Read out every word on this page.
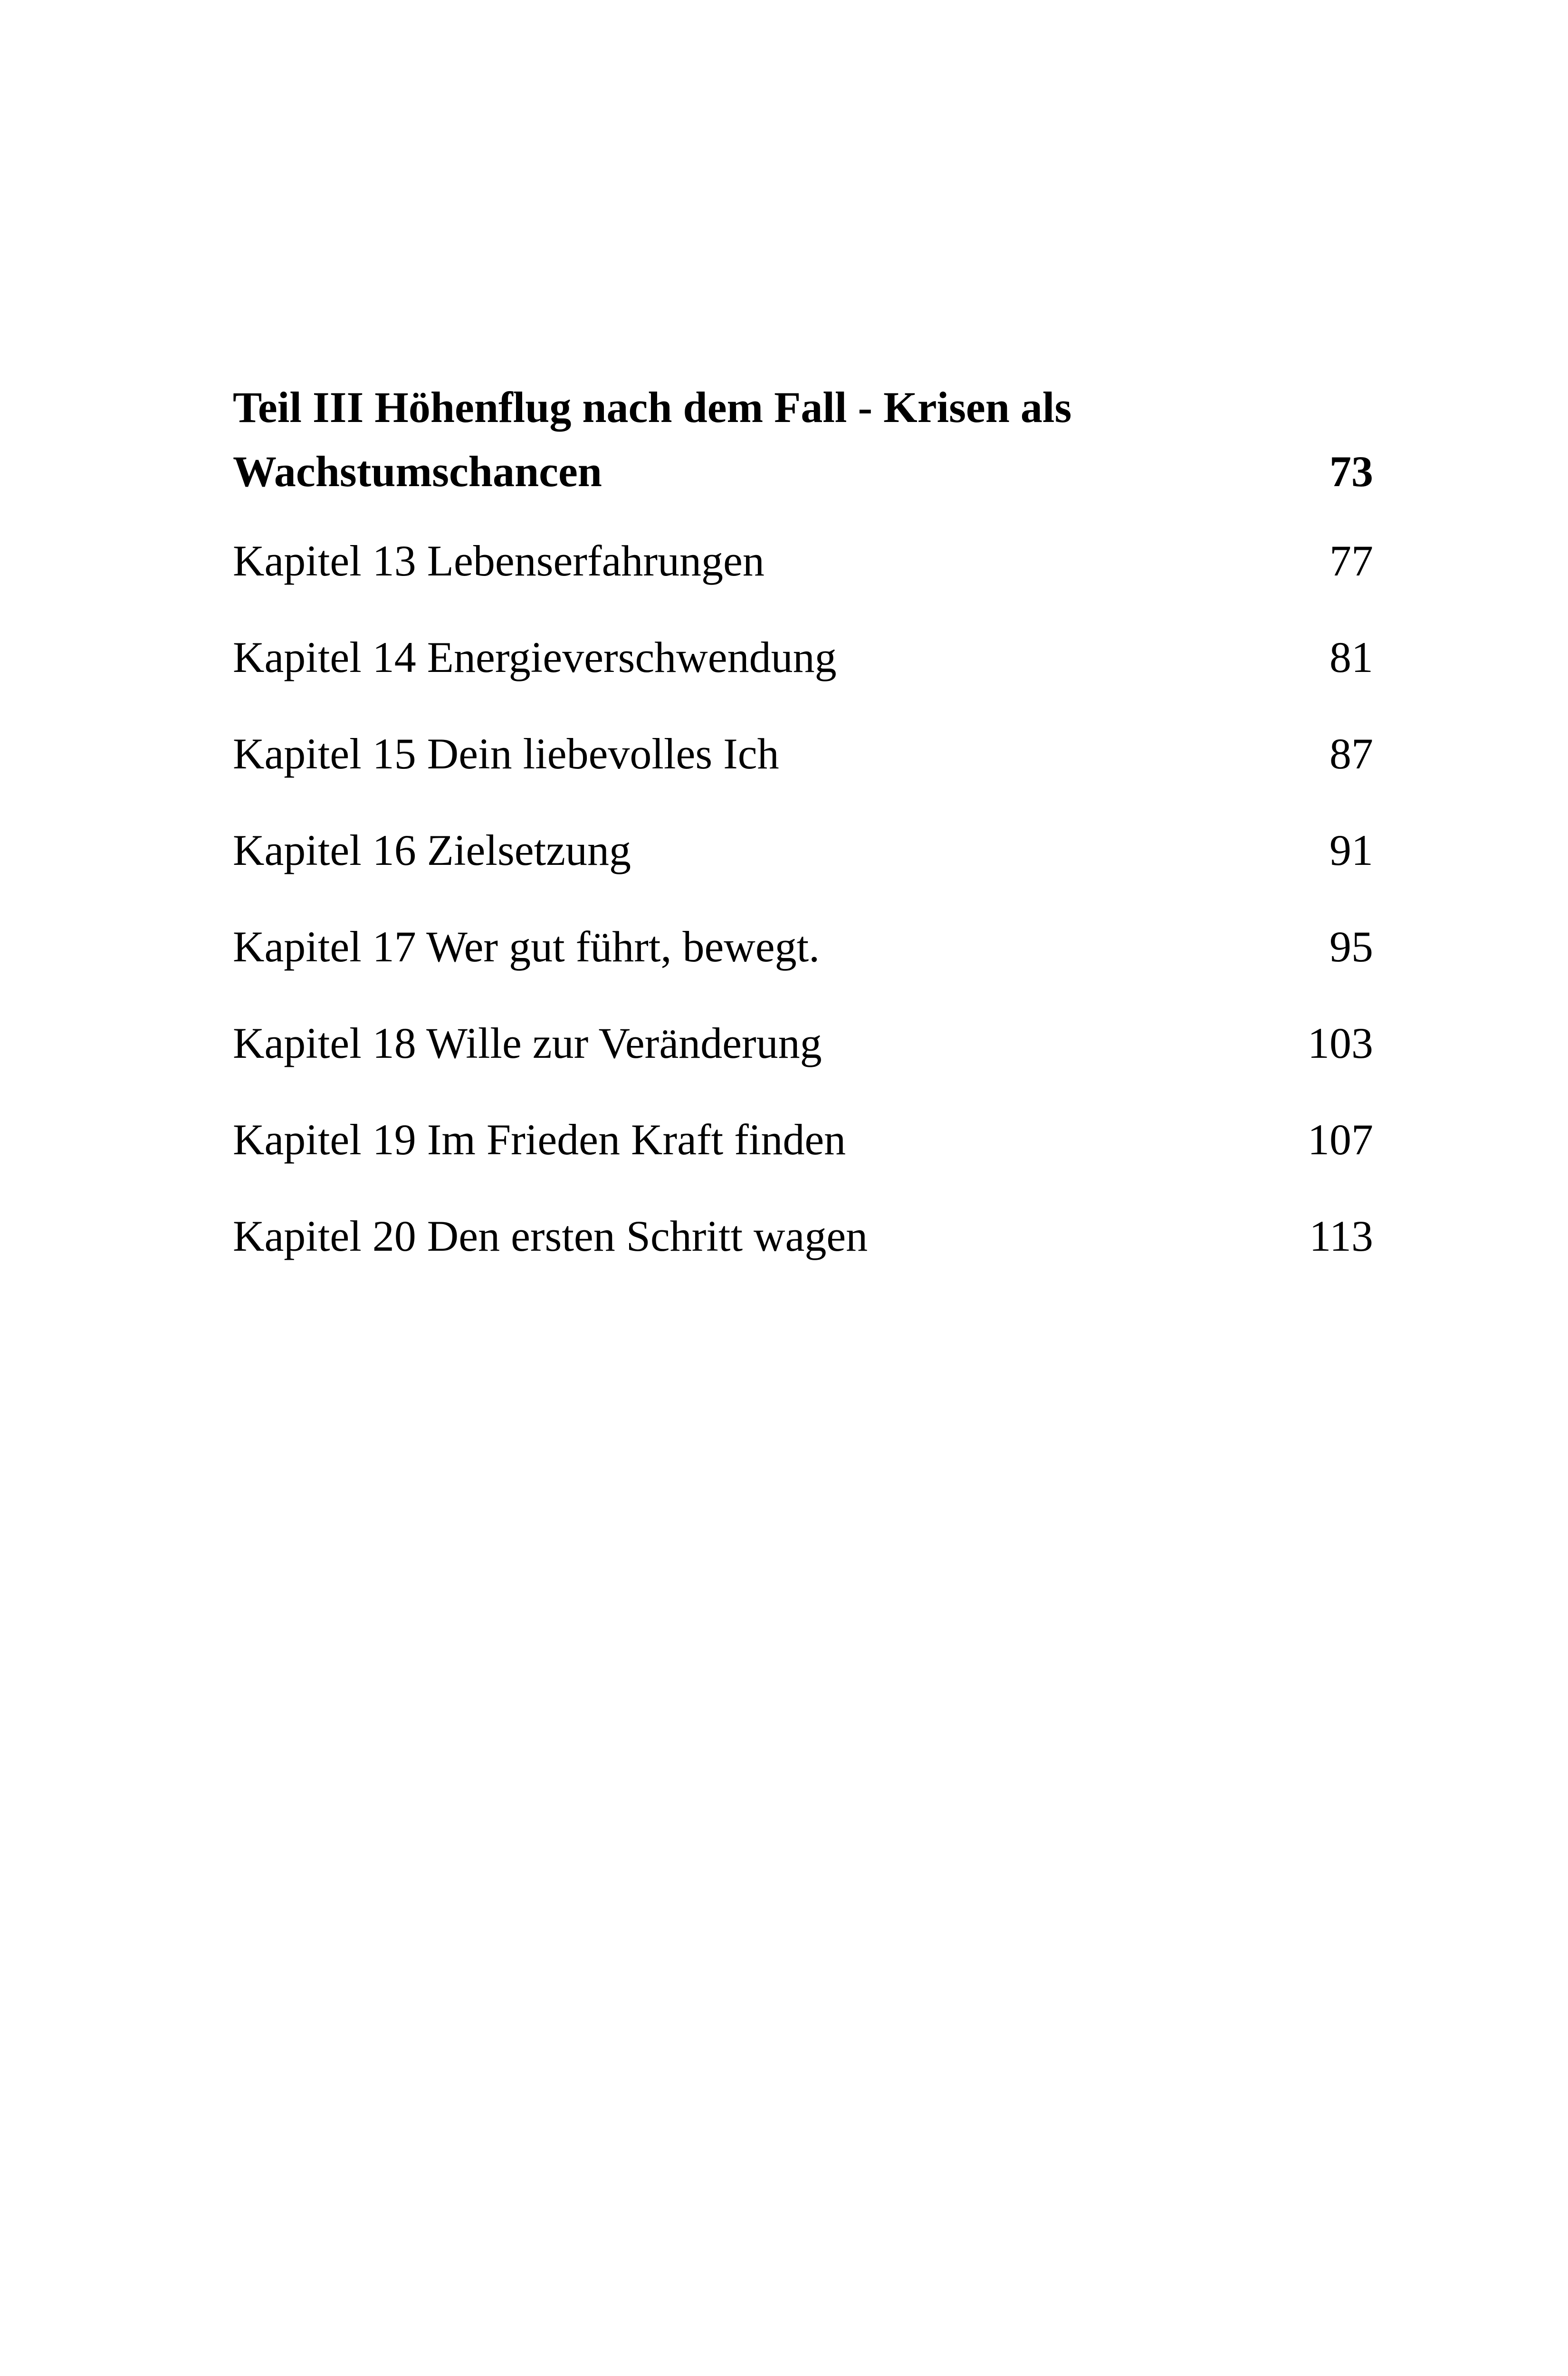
Teil III Höhenflug nach dem Fall - Krisen als
Wachstumschancen	73
Kapitel 13 Lebenserfahrungen	77
Kapitel 14 Energieverschwendung	81
Kapitel 15 Dein liebevolles Ich	87
Kapitel 16 Zielsetzung	91
Kapitel 17 Wer gut führt, bewegt.	95
Kapitel 18 Wille zur Veränderung	103
Kapitel 19 Im Frieden Kraft finden	107
Kapitel 20 Den ersten Schritt wagen	113
